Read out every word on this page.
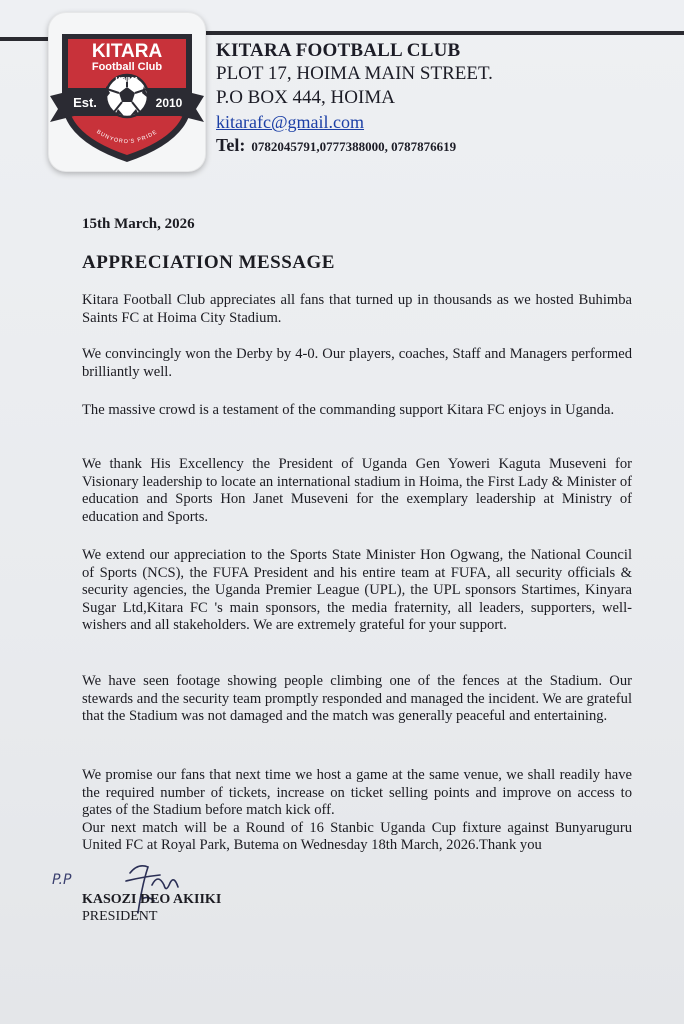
KITARA
Football Club
HOIMA
Est.	2010
BUNYORO'S PRIDE
KITARA FOOTBALL CLUB
PLOT 17, HOIMA MAIN STREET.
P.O BOX 444, HOIMA
kitarafc@gmail.com
Tel: 0782045791,0777388000, 0787876619
15th March, 2026
APPRECIATION MESSAGE

Kitara Football Club appreciates all fans that turned up in thousands as we hosted Buhimba Saints FC at Hoima City Stadium.

We convincingly won the Derby by 4-0. Our players, coaches, Staff and Managers performed brilliantly well.

The massive crowd is a testament of the commanding support Kitara FC enjoys in Uganda.

We thank His Excellency the President of Uganda Gen Yoweri Kaguta Museveni for Visionary leadership to locate an international stadium in Hoima, the First Lady & Minister of education and Sports Hon Janet Museveni for the exemplary leadership at Ministry of education and Sports.

We extend our appreciation to the Sports State Minister Hon Ogwang, the National Council of Sports (NCS), the FUFA President and his entire team at FUFA, all security officials & security agencies, the Uganda Premier League (UPL), the UPL sponsors Startimes, Kinyara Sugar Ltd,Kitara FC 's main sponsors, the media fraternity, all leaders, supporters, well-wishers and all stakeholders. We are extremely grateful for your support.

We have seen footage showing people climbing one of the fences at the Stadium. Our stewards and the security team promptly responded and managed the incident. We are grateful that the Stadium was not damaged and the match was generally peaceful and entertaining.

We promise our fans that next time we host a game at the same venue, we shall readily have the required number of tickets, increase on ticket selling points and improve on access to gates of the Stadium before match kick off.
Our next match will be a Round of 16 Stanbic Uganda Cup fixture against Bunyaruguru United FC at Royal Park, Butema on Wednesday 18th March, 2026.Thank you
P.P
KASOZI DEO AKIIKI
PRESIDENT
